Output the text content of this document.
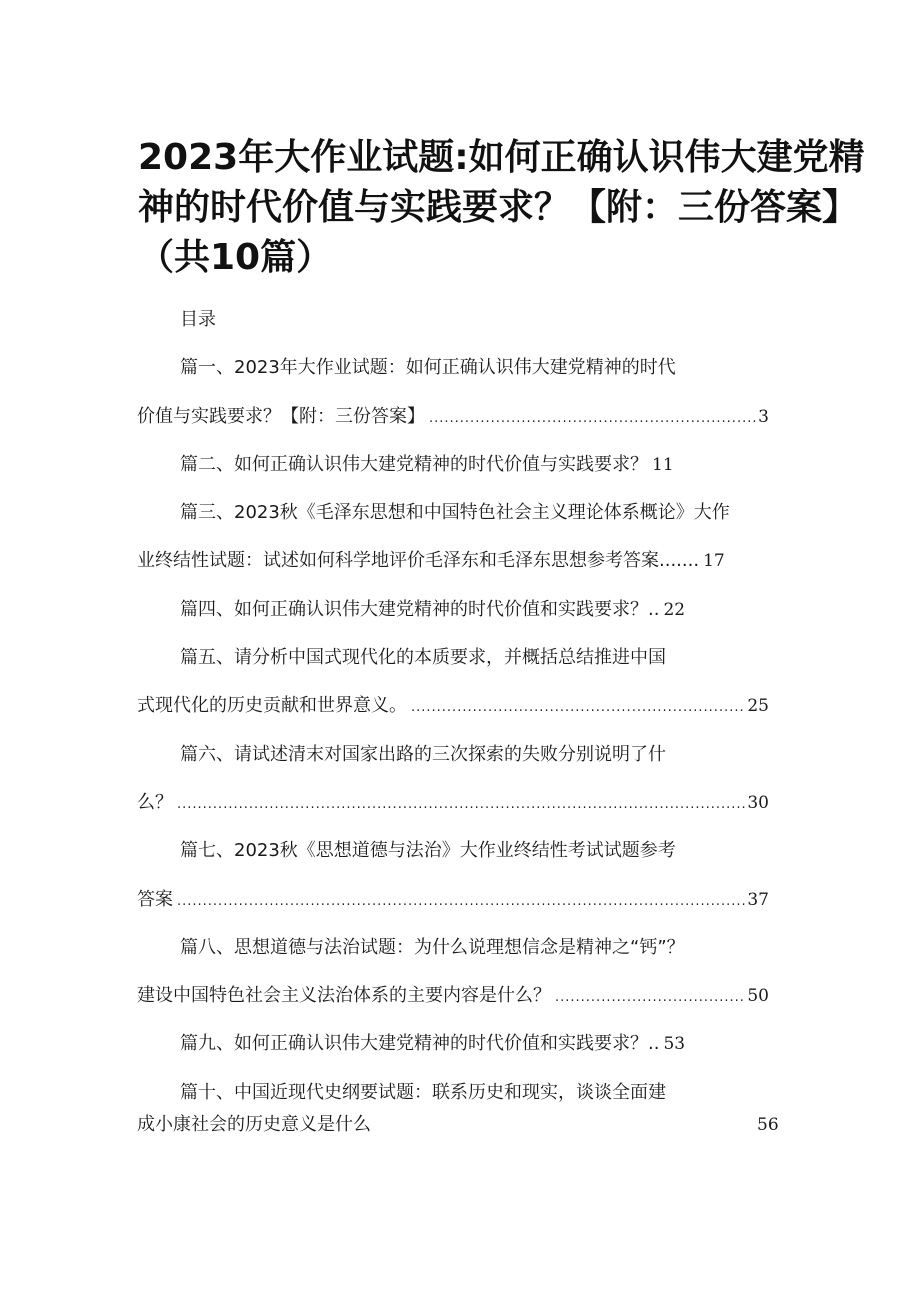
2023年大作业试题:如何正确认识伟大建党精
神的时代价值与实践要求？【附：三份答案】
（共10篇）
目录
篇一、2023年大作业试题：如何正确认识伟大建党精神的时代
价值与实践要求？【附：三份答案】 .....	3
篇二、如何正确认识伟大建党精神的时代价值与实践要求？ 11
篇三、2023秋《毛泽东思想和中国特色社会主义理论体系概论》大作
业终结性试题：试述如何科学地评价毛泽东和毛泽东思想参考答案....... 17
篇四、如何正确认识伟大建党精神的时代价值和实践要求？.. 22
篇五、请分析中国式现代化的本质要求，并概括总结推进中国
式现代化的历史贡献和世界意义。 .....	25
篇六、请试述清末对国家出路的三次探索的失败分别说明了什
么？ .....	30
篇七、2023秋《思想道德与法治》大作业终结性考试试题参考
答案 .....	37
篇八、思想道德与法治试题：为什么说理想信念是精神之“钙”？
建设中国特色社会主义法治体系的主要内容是什么？ .....	50
篇九、如何正确认识伟大建党精神的时代价值和实践要求？.. 53
篇十、中国近现代史纲要试题：联系历史和现实，谈谈全面建
成小康社会的历史意义是什么	56
